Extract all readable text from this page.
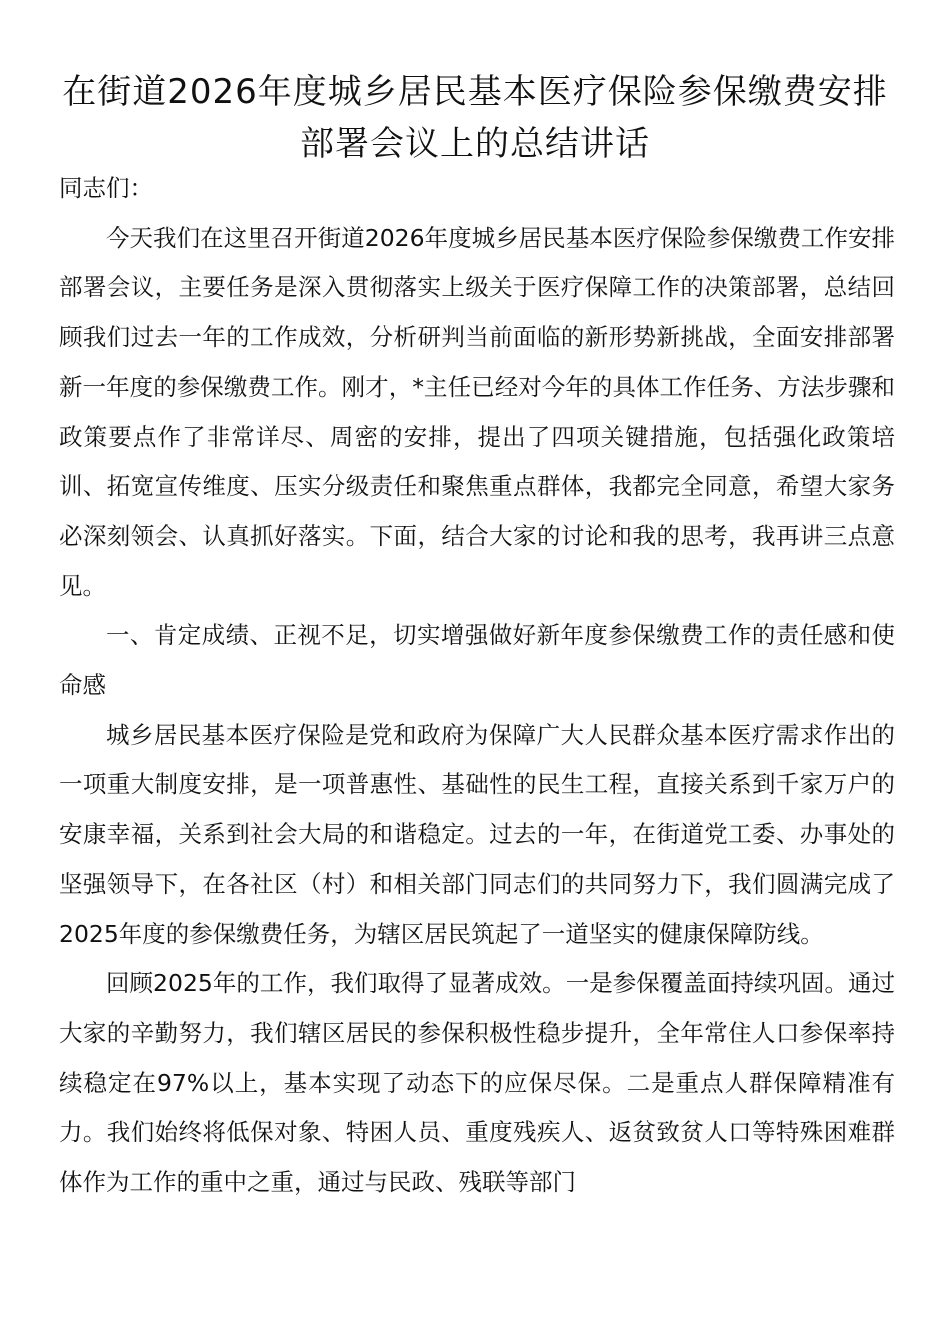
在街道2026年度城乡居民基本医疗保险参保缴费安排部署会议上的总结讲话

同志们：

今天我们在这里召开街道2026年度城乡居民基本医疗保险参保缴费工作安排部署会议，主要任务是深入贯彻落实上级关于医疗保障工作的决策部署，总结回顾我们过去一年的工作成效，分析研判当前面临的新形势新挑战，全面安排部署新一年度的参保缴费工作。刚才，*主任已经对今年的具体工作任务、方法步骤和政策要点作了非常详尽、周密的安排，提出了四项关键措施，包括强化政策培训、拓宽宣传维度、压实分级责任和聚焦重点群体，我都完全同意，希望大家务必深刻领会、认真抓好落实。下面，结合大家的讨论和我的思考，我再讲三点意见。

一、肯定成绩、正视不足，切实增强做好新年度参保缴费工作的责任感和使命感

城乡居民基本医疗保险是党和政府为保障广大人民群众基本医疗需求作出的一项重大制度安排，是一项普惠性、基础性的民生工程，直接关系到千家万户的安康幸福，关系到社会大局的和谐稳定。过去的一年，在街道党工委、办事处的坚强领导下，在各社区（村）和相关部门同志们的共同努力下，我们圆满完成了2025年度的参保缴费任务，为辖区居民筑起了一道坚实的健康保障防线。

回顾2025年的工作，我们取得了显著成效。一是参保覆盖面持续巩固。通过大家的辛勤努力，我们辖区居民的参保积极性稳步提升，全年常住人口参保率持续稳定在97%以上，基本实现了动态下的应保尽保。二是重点人群保障精准有力。我们始终将低保对象、特困人员、重度残疾人、返贫致贫人口等特殊困难群体作为工作的重中之重，通过与民政、残联等部门
